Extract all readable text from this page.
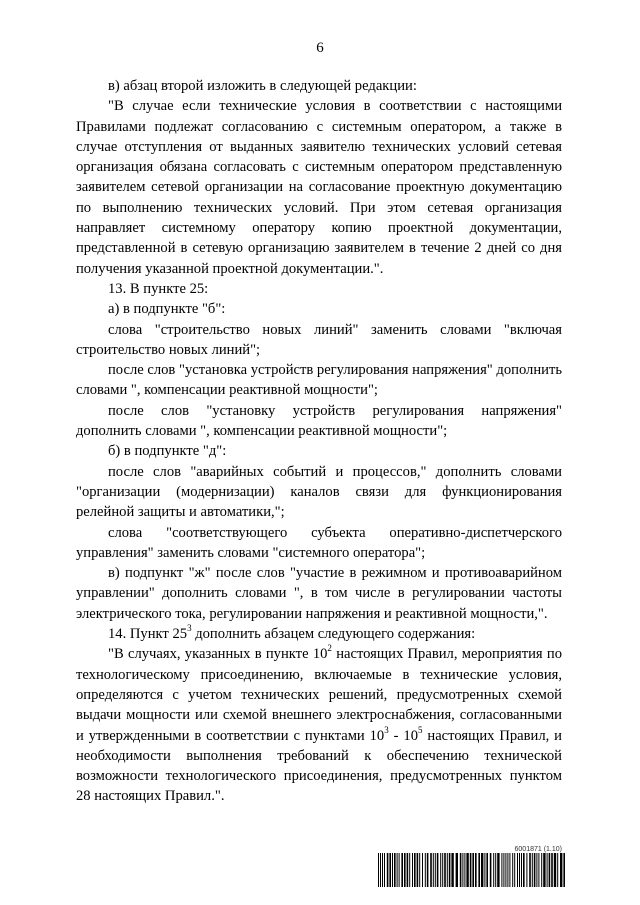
6

в) абзац второй изложить в следующей редакции:

"В случае если технические условия в соответствии с настоящими Правилами подлежат согласованию с системным оператором, а также в случае отступления от выданных заявителю технических условий сетевая организация обязана согласовать с системным оператором представленную заявителем сетевой организации на согласование проектную документацию по выполнению технических условий. При этом сетевая организация направляет системному оператору копию проектной документации, представленной в сетевую организацию заявителем в течение 2 дней со дня получения указанной проектной документации.".

13. В пункте 25:

а) в подпункте "б":

слова "строительство новых линий" заменить словами "включая строительство новых линий";

после слов "установка устройств регулирования напряжения" дополнить словами ", компенсации реактивной мощности";

после слов "установку устройств регулирования напряжения" дополнить словами ", компенсации реактивной мощности";

б) в подпункте "д":

после слов "аварийных событий и процессов," дополнить словами "организации (модернизации) каналов связи для функционирования релейной защиты и автоматики,";

слова "соответствующего субъекта оперативно-диспетчерского управления" заменить словами "системного оператора";

в) подпункт "ж" после слов "участие в режимном и противоаварийном управлении" дополнить словами ", в том числе в регулировании частоты электрического тока, регулировании напряжения и реактивной мощности,".

14. Пункт $25^3$ дополнить абзацем следующего содержания:

"В случаях, указанных в пункте $10^2$ настоящих Правил, мероприятия по технологическому присоединению, включаемые в технические условия, определяются с учетом технических решений, предусмотренных схемой выдачи мощности или схемой внешнего электроснабжения, согласованными и утвержденными в соответствии с пунктами $10^3 - 10^5$ настоящих Правил, и необходимости выполнения требований к обеспечению технической возможности технологического присоединения, предусмотренных пунктом 28 настоящих Правил.".

6001871 (1.10)
